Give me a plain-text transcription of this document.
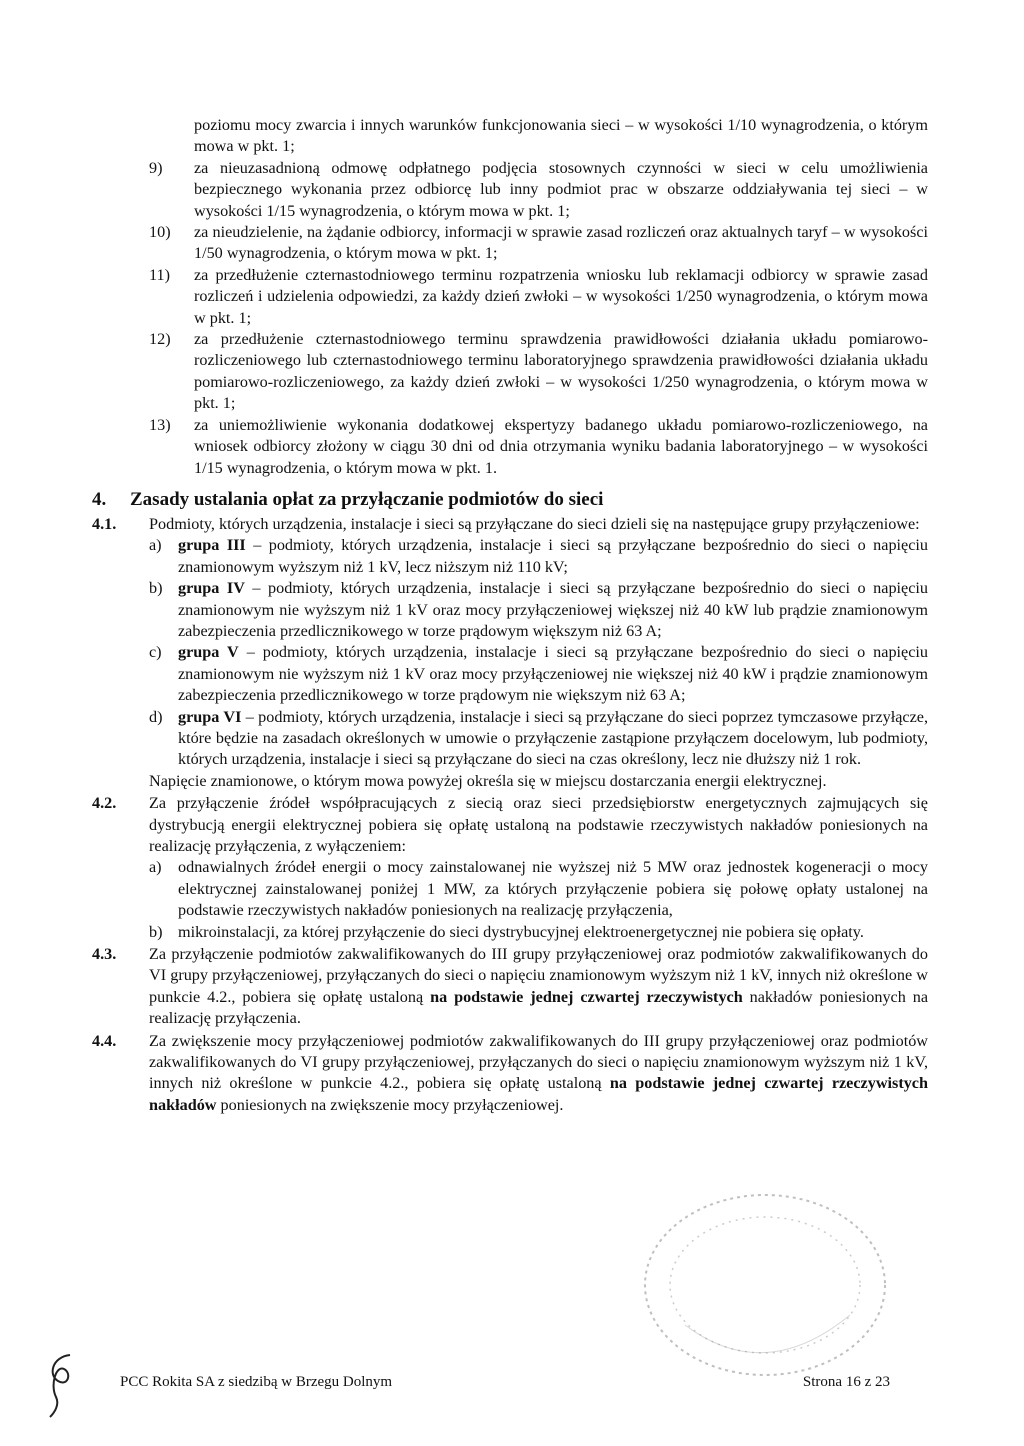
poziomu mocy zwarcia i innych warunków funkcjonowania sieci – w wysokości 1/10 wynagrodzenia, o którym mowa w pkt. 1;

9) za nieuzasadnioną odmowę odpłatnego podjęcia stosownych czynności w sieci w celu umożliwienia bezpiecznego wykonania przez odbiorcę lub inny podmiot prac w obszarze oddziaływania tej sieci – w wysokości 1/15 wynagrodzenia, o którym mowa w pkt. 1;
10) za nieudzielenie, na żądanie odbiorcy, informacji w sprawie zasad rozliczeń oraz aktualnych taryf – w wysokości 1/50 wynagrodzenia, o którym mowa w pkt. 1;
11) za przedłużenie czternastodniowego terminu rozpatrzenia wniosku lub reklamacji odbiorcy w sprawie zasad rozliczeń i udzielenia odpowiedzi, za każdy dzień zwłoki – w wysokości 1/250 wynagrodzenia, o którym mowa w pkt. 1;
12) za przedłużenie czternastodniowego terminu sprawdzenia prawidłowości działania układu pomiarowo-rozliczeniowego lub czternastodniowego terminu laboratoryjnego sprawdzenia prawidłowości działania układu pomiarowo-rozliczeniowego, za każdy dzień zwłoki – w wysokości 1/250 wynagrodzenia, o którym mowa w pkt. 1;
13) za uniemożliwienie wykonania dodatkowej ekspertyzy badanego układu pomiarowo-rozliczeniowego, na wniosek odbiorcy złożony w ciągu 30 dni od dnia otrzymania wyniku badania laboratoryjnego – w wysokości 1/15 wynagrodzenia, o którym mowa w pkt. 1.
4. Zasady ustalania opłat za przyłączanie podmiotów do sieci
4.1. Podmioty, których urządzenia, instalacje i sieci są przyłączane do sieci dzieli się na następujące grupy przyłączeniowe:

a) grupa III – podmioty, których urządzenia, instalacje i sieci są przyłączane bezpośrednio do sieci o napięciu znamionowym wyższym niż 1 kV, lecz niższym niż 110 kV;
b) grupa IV – podmioty, których urządzenia, instalacje i sieci są przyłączane bezpośrednio do sieci o napięciu znamionowym nie wyższym niż 1 kV oraz mocy przyłączeniowej większej niż 40 kW lub prądzie znamionowym zabezpieczenia przedlicznikowego w torze prądowym większym niż 63 A;
c) grupa V – podmioty, których urządzenia, instalacje i sieci są przyłączane bezpośrednio do sieci o napięciu znamionowym nie wyższym niż 1 kV oraz mocy przyłączeniowej nie większej niż 40 kW i prądzie znamionowym zabezpieczenia przedlicznikowego w torze prądowym nie większym niż 63 A;
d) grupa VI – podmioty, których urządzenia, instalacje i sieci są przyłączane do sieci poprzez tymczasowe przyłącze, które będzie na zasadach określonych w umowie o przyłączenie zastąpione przyłączem docelowym, lub podmioty, których urządzenia, instalacje i sieci są przyłączane do sieci na czas określony, lecz nie dłuższy niż 1 rok.

Napięcie znamionowe, o którym mowa powyżej określa się w miejscu dostarczania energii elektrycznej.

4.2. Za przyłączenie źródeł współpracujących z siecią oraz sieci przedsiębiorstw energetycznych zajmujących się dystrybucją energii elektrycznej pobiera się opłatę ustaloną na podstawie rzeczywistych nakładów poniesionych na realizację przyłączenia, z wyłączeniem:

a) odnawialnych źródeł energii o mocy zainstalowanej nie wyższej niż 5 MW oraz jednostek kogeneracji o mocy elektrycznej zainstalowanej poniżej 1 MW, za których przyłączenie pobiera się połowę opłaty ustalonej na podstawie rzeczywistych nakładów poniesionych na realizację przyłączenia,
b) mikroinstalacji, za której przyłączenie do sieci dystrybucyjnej elektroenergetycznej nie pobiera się opłaty.
4.3. Za przyłączenie podmiotów zakwalifikowanych do III grupy przyłączeniowej oraz podmiotów zakwalifikowanych do VI grupy przyłączeniowej, przyłączanych do sieci o napięciu znamionowym wyższym niż 1 kV, innych niż określone w punkcie 4.2., pobiera się opłatę ustaloną na podstawie jednej czwartej rzeczywistych nakładów poniesionych na realizację przyłączenia.

4.4. Za zwiększenie mocy przyłączeniowej podmiotów zakwalifikowanych do III grupy przyłączeniowej oraz podmiotów zakwalifikowanych do VI grupy przyłączeniowej, przyłączanych do sieci o napięciu znamionowym wyższym niż 1 kV, innych niż określone w punkcie 4.2., pobiera się opłatę ustaloną na podstawie jednej czwartej rzeczywistych nakładów poniesionych na zwiększenie mocy przyłączeniowej.

PCC Rokita SA z siedzibą w Brzegu Dolnym	Strona 16 z 23
